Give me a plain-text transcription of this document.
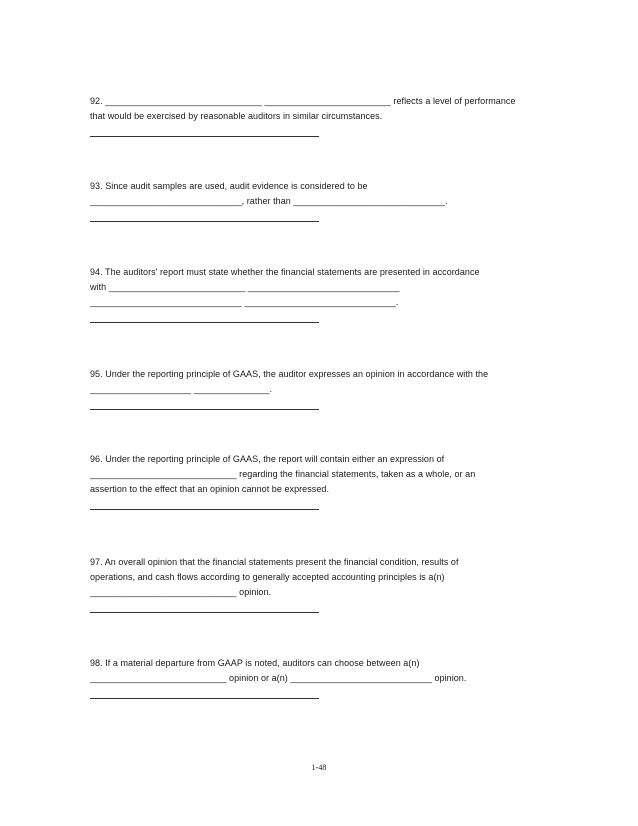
92. _______________________________ _________________________ reflects a level of performance
that would be exercised by reasonable auditors in similar circumstances.
93. Since audit samples are used, audit evidence is considered to be
______________________________, rather than ______________________________.
94. The auditors' report must state whether the financial statements are presented in accordance
with ___________________________ ______________________________
______________________________ ______________________________.
95. Under the reporting principle of GAAS, the auditor expresses an opinion in accordance with the
____________________ _______________.
96. Under the reporting principle of GAAS, the report will contain either an expression of
_____________________________ regarding the financial statements, taken as a whole, or an
assertion to the effect that an opinion cannot be expressed.
97. An overall opinion that the financial statements present the financial condition, results of
operations, and cash flows according to generally accepted accounting principles is a(n)
_____________________________ opinion.
98. If a material departure from GAAP is noted, auditors can choose between a(n)
___________________________ opinion or a(n) ____________________________ opinion.
1-48
